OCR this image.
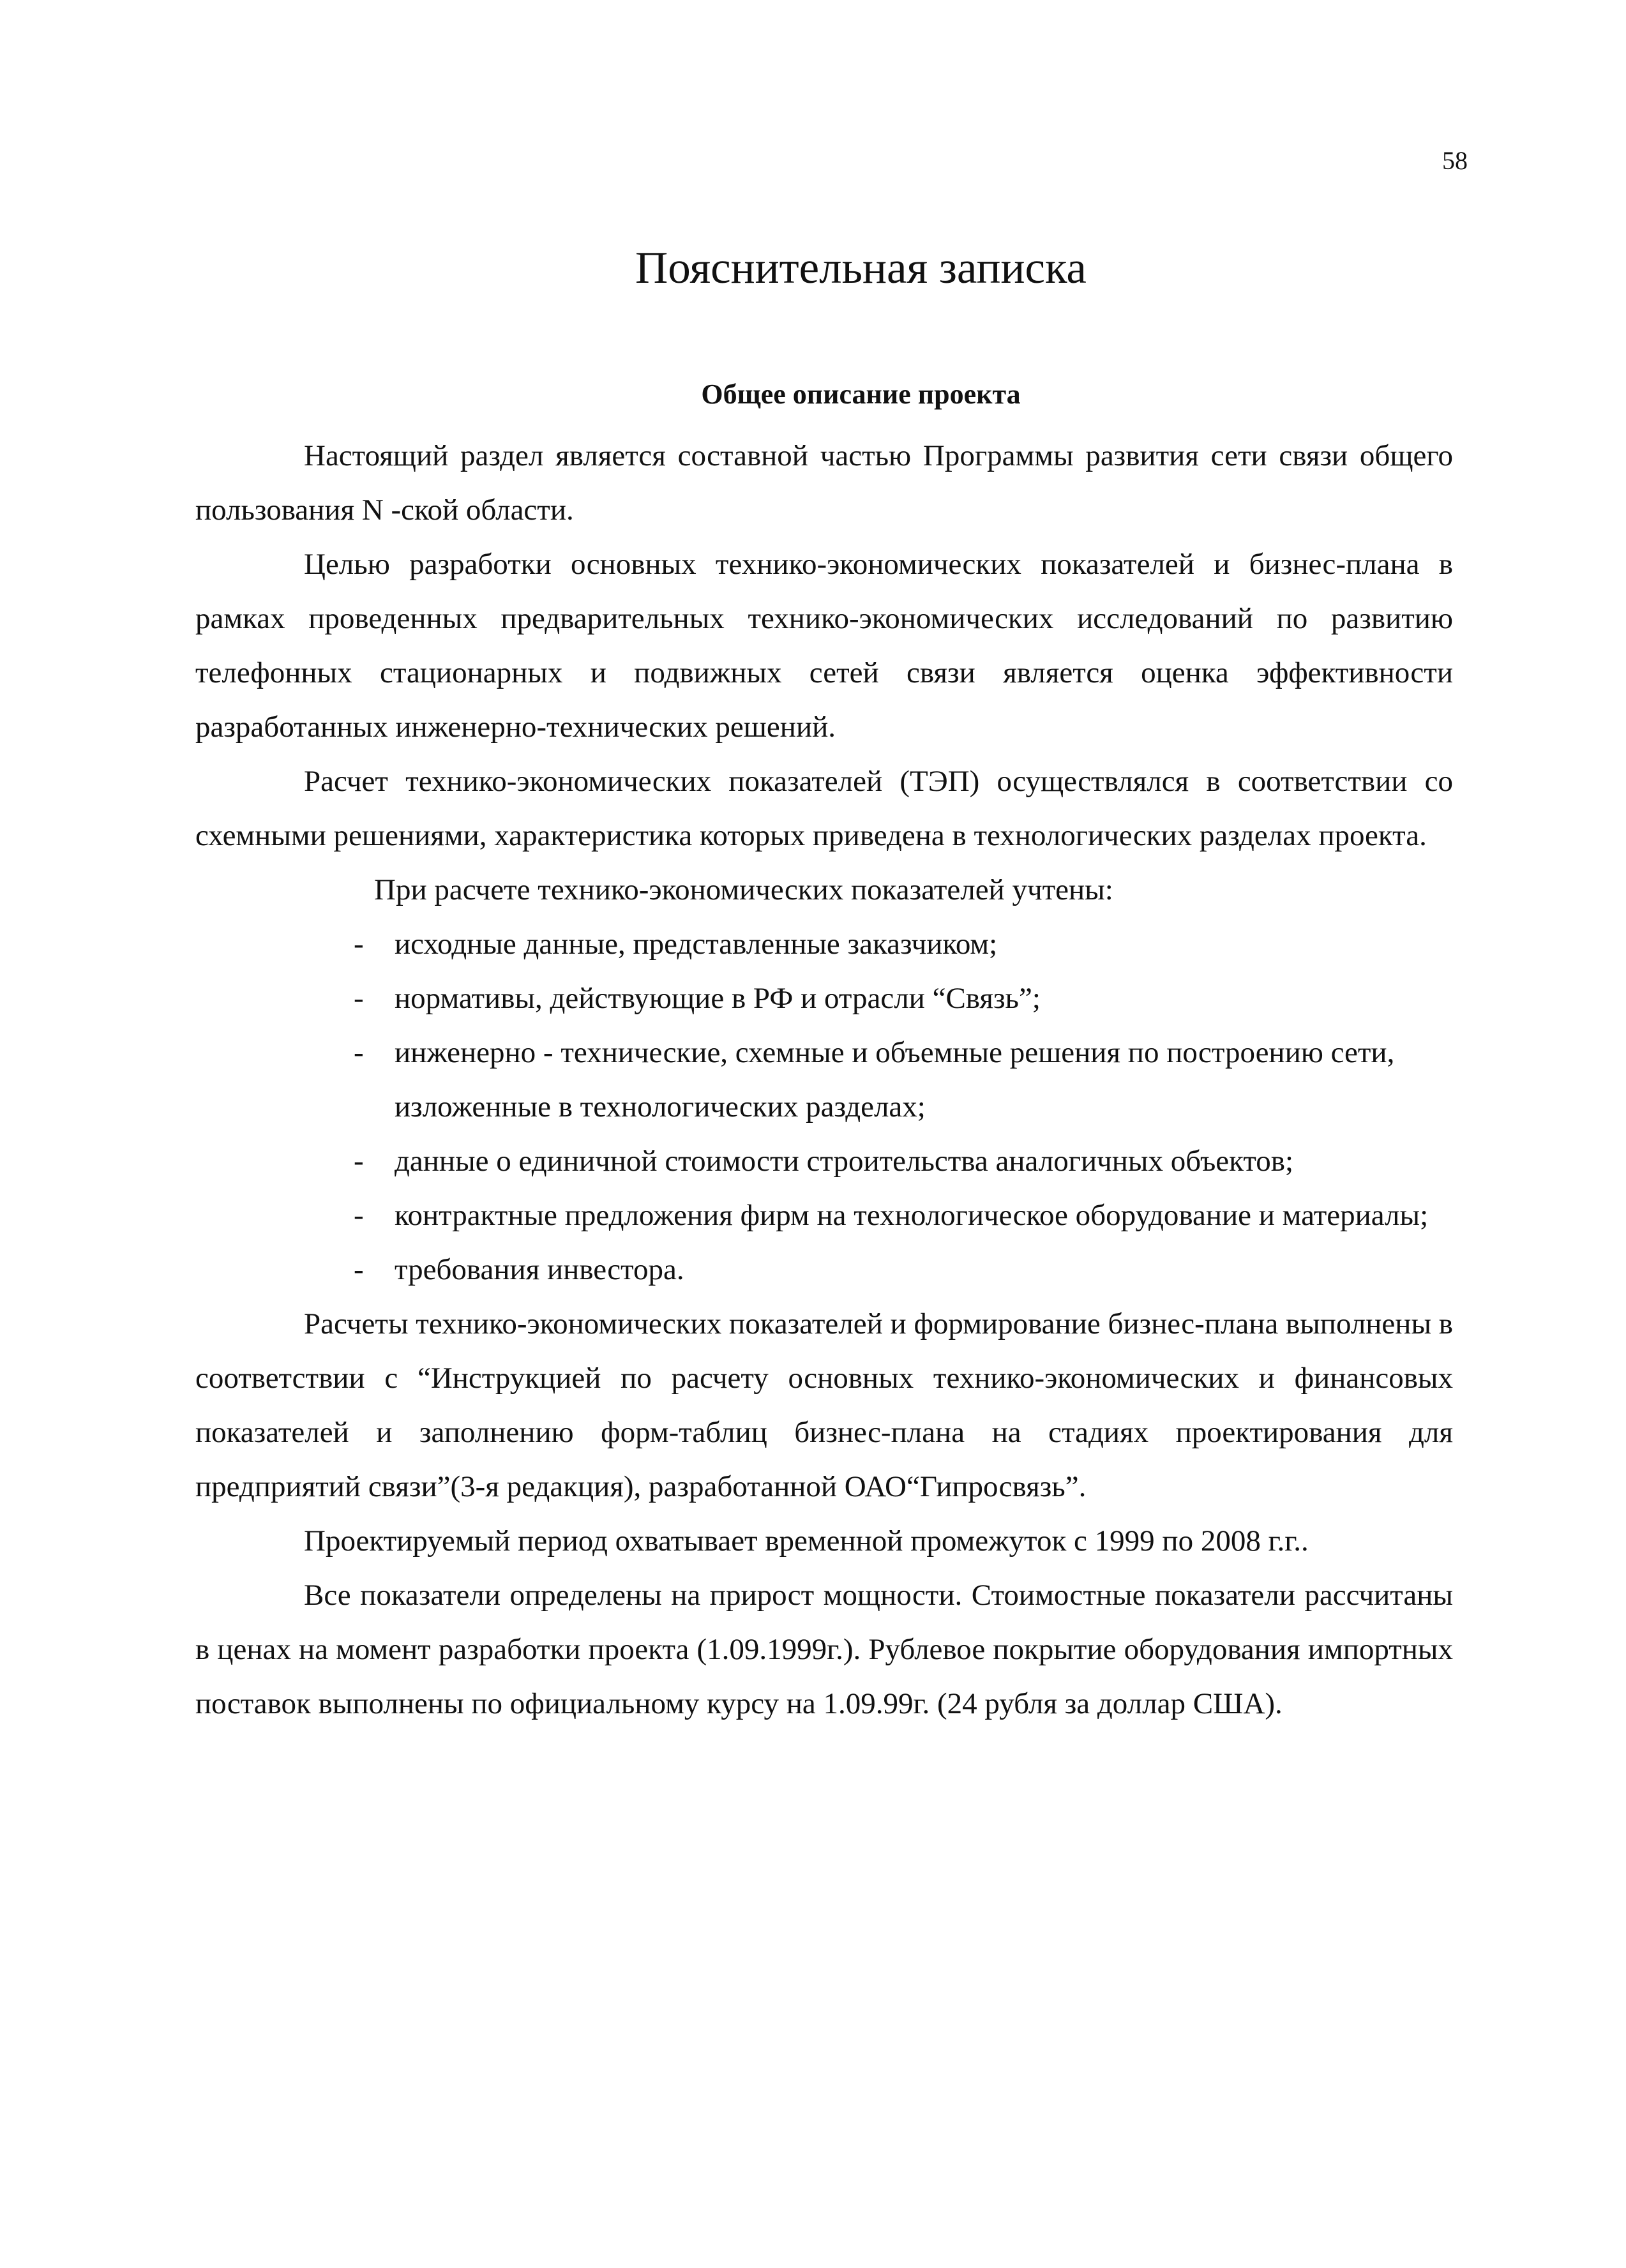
58
Пояснительная записка
Общее описание проекта

Настоящий раздел является составной частью Программы развития сети связи общего пользования N -ской области.

Целью разработки основных технико-экономических показателей и бизнес-плана в рамках проведенных предварительных технико-экономических исследований по развитию телефонных стационарных и подвижных сетей связи является оценка эффективности разработанных инженерно-технических решений.

Расчет технико-экономических показателей (ТЭП) осуществлялся в соответствии со схемными решениями, характеристика которых приведена в технологических разделах проекта.

При расчете технико-экономических показателей учтены:

- исходные данные, представленные заказчиком;
- нормативы, действующие в РФ и отрасли “Связь”;
- инженерно - технические, схемные и объемные решения по построению сети, изложенные в технологических разделах;
- данные о единичной стоимости строительства аналогичных объектов;
- контрактные предложения фирм на технологическое оборудование и материалы;
- требования инвестора.

Расчеты технико-экономических показателей и формирование бизнес-плана выполнены в соответствии с “Инструкцией по расчету основных технико-экономических и финансовых показателей и заполнению форм-таблиц бизнес-плана на стадиях проектирования для предприятий связи”(3-я редакция), разработанной ОАО“Гипросвязь”.

Проектируемый период охватывает временной промежуток с 1999 по 2008 г.г..

Все показатели определены на прирост мощности. Стоимостные показатели рассчитаны в ценах на момент разработки проекта (1.09.1999г.). Рублевое покрытие оборудования импортных поставок выполнены по официальному курсу на 1.09.99г. (24 рубля за доллар США).
